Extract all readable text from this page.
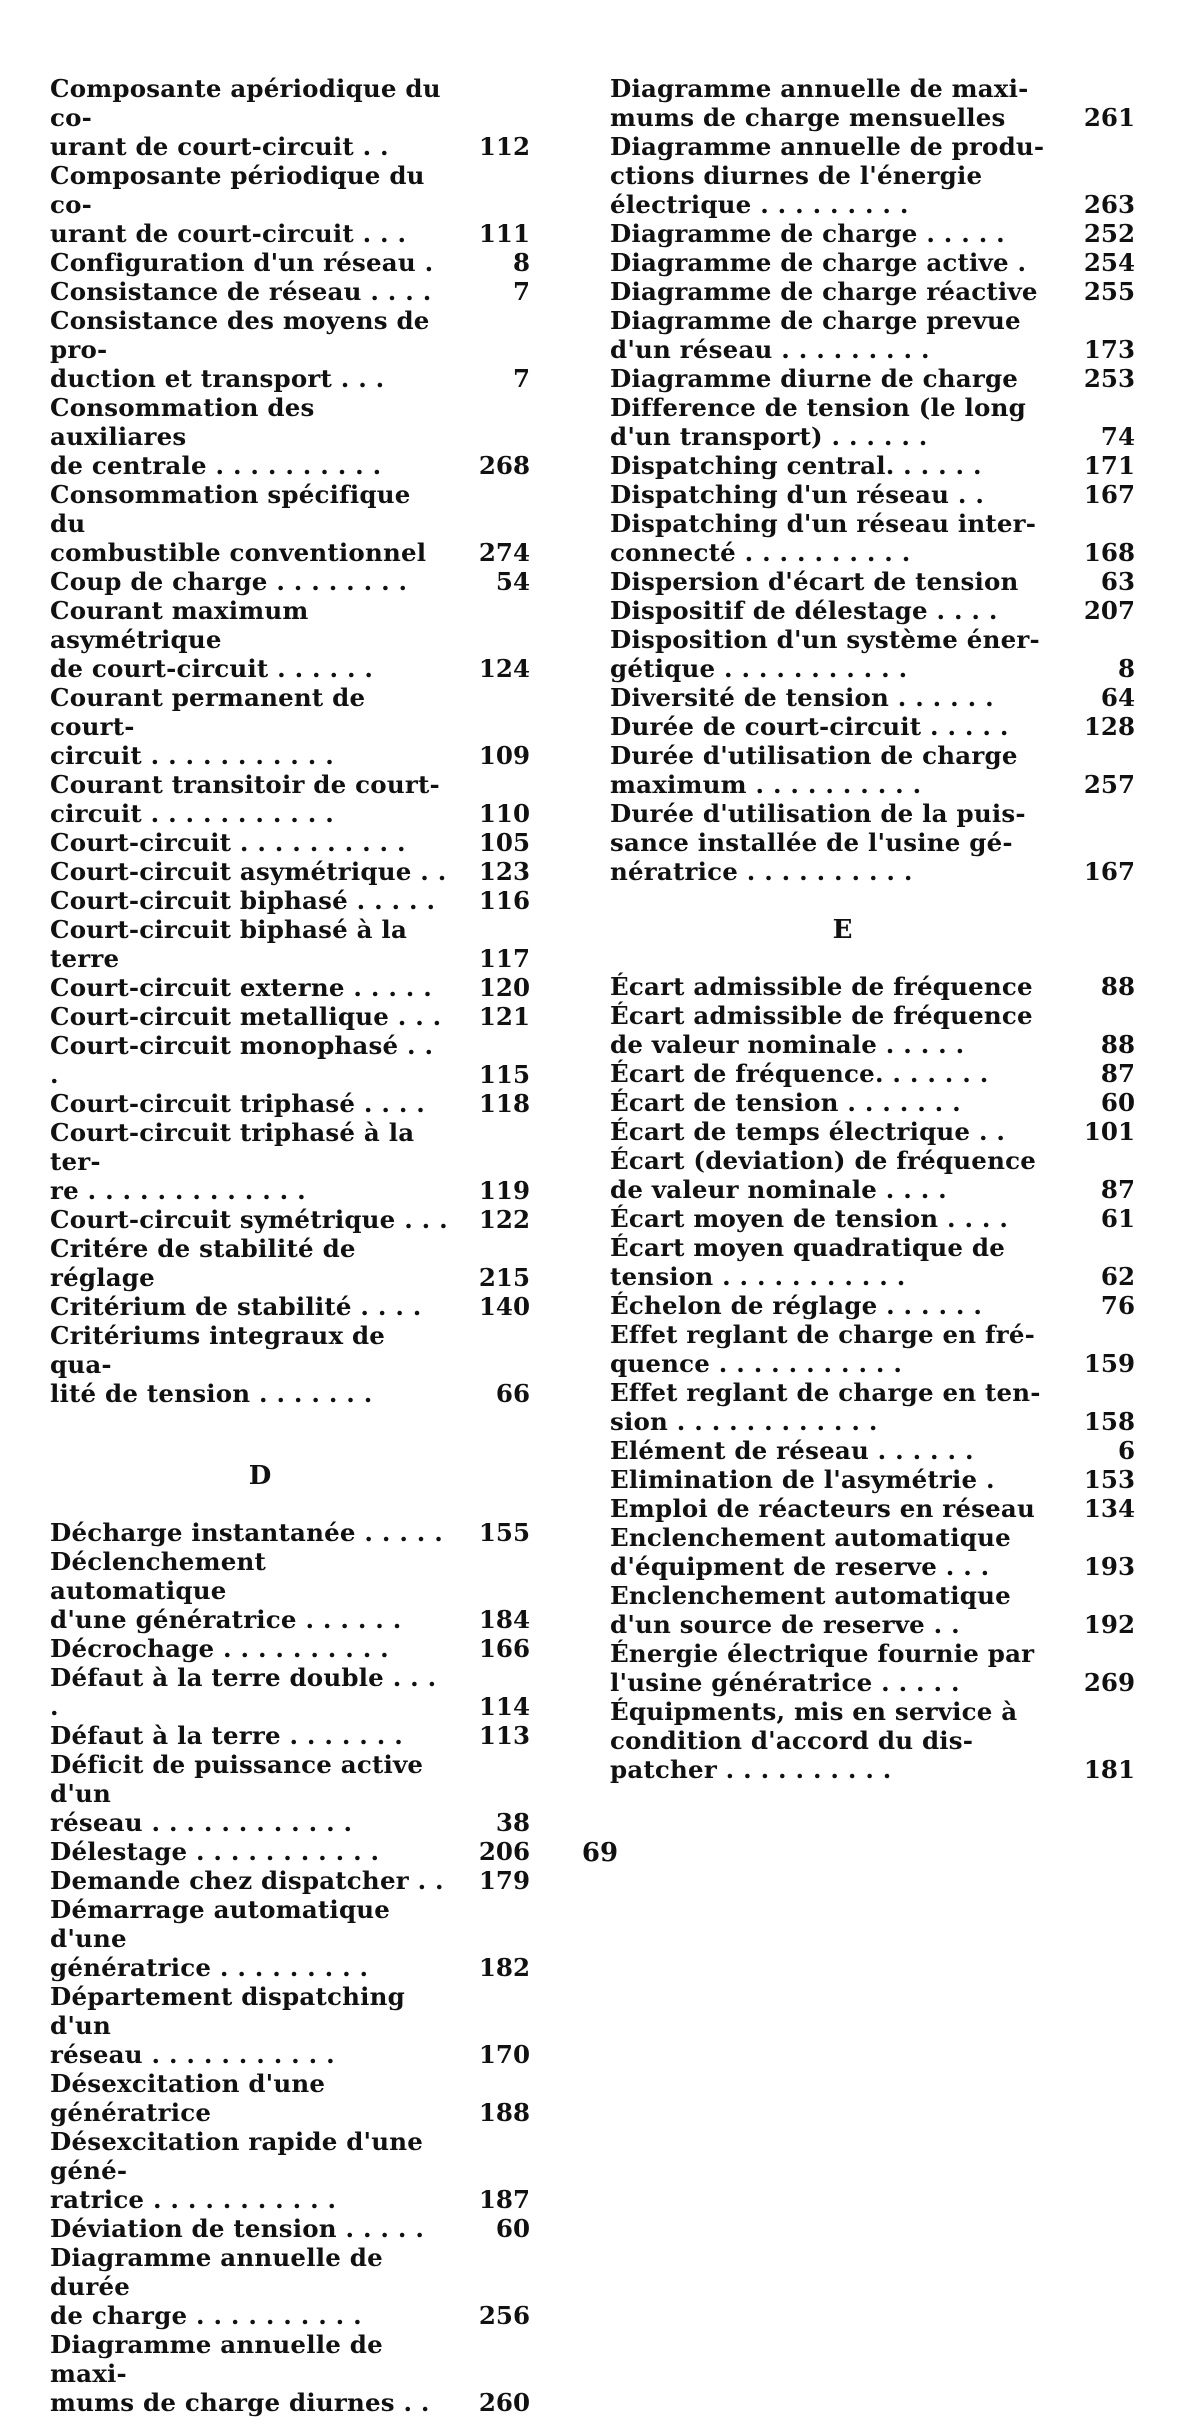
Composante apériodique du co-
urant de court-circuit . .	112
Composante périodique du co-
urant de court-circuit . . .	111
Configuration d'un réseau .	8
Consistance de réseau . . . .	7
Consistance des moyens de pro-
duction et transport . . .	7
Consommation des auxiliares
de centrale . . . . . . . . . .	268
Consommation spécifique du
combustible conventionnel	274
Coup de charge . . . . . . . .	54
Courant maximum asymétrique
de court-circuit . . . . . .	124
Courant permanent de court-
circuit . . . . . . . . . . .	109
Courant transitoir de court-
circuit . . . . . . . . . . .	110
Court-circuit . . . . . . . . . .	105
Court-circuit asymétrique . .	123
Court-circuit biphasé . . . . .	116
Court-circuit biphasé à la terre	117
Court-circuit externe . . . . .	120
Court-circuit metallique . . .	121
Court-circuit monophasé . . .	115
Court-circuit triphasé . . . .	118
Court-circuit triphasé à la ter-
re . . . . . . . . . . . . .	119
Court-circuit symétrique . . .	122
Critére de stabilité de réglage	215
Critérium de stabilité . . . .	140
Critériums integraux de qua-
lité de tension . . . . . . .	66
D
Décharge instantanée . . . . .	155
Déclenchement automatique
d'une génératrice . . . . . .	184
Décrochage . . . . . . . . . .	166
Défaut à la terre double . . . .	114
Défaut à la terre . . . . . . .	113
Déficit de puissance active d'un
réseau . . . . . . . . . . . .	38
Délestage . . . . . . . . . . .	206
Demande chez dispatcher . .	179
Démarrage automatique d'une
génératrice . . . . . . . . .	182
Département dispatching d'un
réseau . . . . . . . . . . .	170
Désexcitation d'une génératrice	188
Désexcitation rapide d'une géné-
ratrice . . . . . . . . . . .	187
Déviation de tension . . . . .	60
Diagramme annuelle de durée
de charge . . . . . . . . . .	256
Diagramme annuelle de maxi-
mums de charge diurnes . .	260
Diagramme annuelle de maxi-
mums de charge mensuelles	261
Diagramme annuelle de produ-
ctions diurnes de l'énergie
électrique . . . . . . . . .	263
Diagramme de charge . . . . .	252
Diagramme de charge active .	254
Diagramme de charge réactive	255
Diagramme de charge prevue
d'un réseau . . . . . . . . .	173
Diagramme diurne de charge	253
Difference de tension (le long
d'un transport) . . . . . .	74
Dispatching central. . . . . .	171
Dispatching d'un réseau . .	167
Dispatching d'un réseau inter-
connecté . . . . . . . . . .	168
Dispersion d'écart de tension	63
Dispositif de délestage . . . .	207
Disposition d'un système éner-
gétique . . . . . . . . . . .	8
Diversité de tension . . . . . .	64
Durée de court-circuit . . . . .	128
Durée d'utilisation de charge
maximum . . . . . . . . . .	257
Durée d'utilisation de la puis-
sance installée de l'usine gé-
nératrice . . . . . . . . . .	167
E
Écart admissible de fréquence	88
Écart admissible de fréquence
de valeur nominale . . . . .	88
Écart de fréquence. . . . . . .	87
Écart de tension . . . . . . .	60
Écart de temps électrique . .	101
Écart (deviation) de fréquence
de valeur nominale . . . .	87
Écart moyen de tension . . . .	61
Écart moyen quadratique de
tension . . . . . . . . . . .	62
Échelon de réglage . . . . . .	76
Effet reglant de charge en fré-
quence . . . . . . . . . . .	159
Effet reglant de charge en ten-
sion . . . . . . . . . . . .	158
Elément de réseau . . . . . .	6
Elimination de l'asymétrie .	153
Emploi de réacteurs en réseau	134
Enclenchement automatique
d'équipment de reserve . . .	193
Enclenchement automatique
d'un source de reserve . .	192
Énergie électrique fournie par
l'usine génératrice . . . . .	269
Équipments, mis en service à
condition d'accord du dis-
patcher . . . . . . . . . .	181
69
